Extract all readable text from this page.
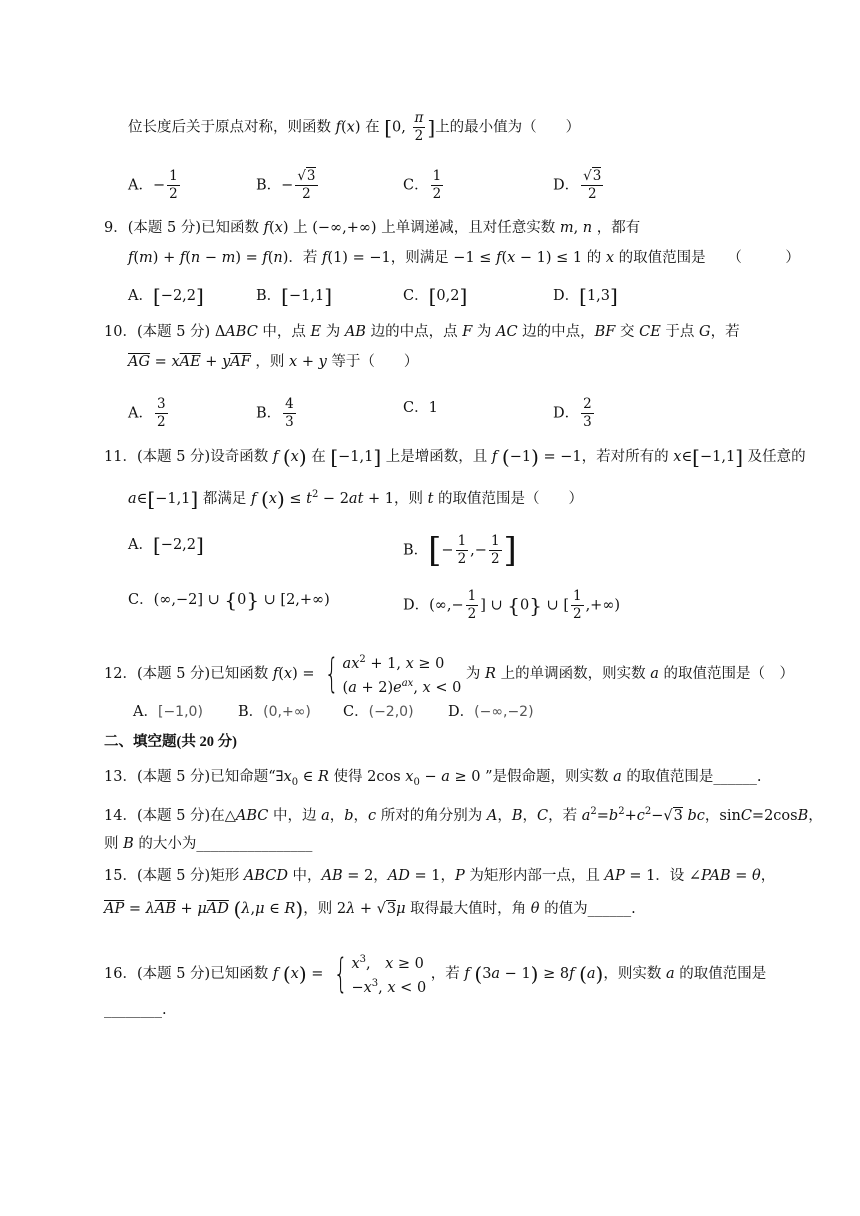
位长度后关于原点对称，则函数 f(x) 在 [0, $\frac{\pi}{2}$ ]上的最小值为（　　）
A．− $\frac{1}{2}$	B．− $\frac{√3}{2}$	C． $\frac{1}{2}$	D． $\frac{√3}{2}$
9．(本题 5 分)已知函数 f(x) 上 (−∞,+∞) 上单调递减，且对任意实数 m, n ，都有
f(m) + f(n − m) = f(n)．若 f(1) = −1，则满足 −1 ≤ f(x − 1) ≤ 1 的 x 的取值范围是　　（　　　）
A．[−2,2]	B．[−1,1]	C．[0,2]	D．[1,3]
10．(本题 5 分) ΔABC 中，点 E 为 AB 边的中点，点 F 为 AC 边的中点，BF 交 CE 于点 G，若
$\overline{AG} = x\overline{AE} + y\overline{AF}$ ，则 x + y 等于（　　）
A． $\frac{3}{2}$	B． $\frac{4}{3}$	C．1	D． $\frac{2}{3}$
11．(本题 5 分)设奇函数 f (x) 在 [−1,1] 上是增函数，且 f (−1) = −1，若对所有的 x∈[−1,1] 及任意的
a∈[−1,1] 都满足 f $(x) \le t^2 - 2at + 1$，则 t 的取值范围是（　　）
A．[−2,2]	B．[− $\frac{1}{2}$ ,− $\frac{1}{2}$ ]
C．(∞,−2] ∪ {0} ∪ [2,+∞)	D．(∞,− $\frac{1}{2}$ ] ∪ {0} ∪ [ $\frac{1}{2}$ ,+∞)
12．(本题 5 分)已知函数 f(x) = { $ax^2 + 1$, x ≥ 0
$(a + 2)e^{ax}$, x < 0
为 R 上的单调函数，则实数 a 的取值范围是（　）
A．[−1,0) B．(0,+∞) C．(−2,0) D．(−∞,−2)
二、填空题(共 20 分)
13．(本题 5 分)已知命题“$\exists x_0$ ∈ R 使得 2cos $x_0 - a \ge 0$ ”是假命题，则实数 a 的取值范围是______.
14．(本题 5 分)在△ABC 中，边 a，b，c 所对的角分别为 A，B，C，若 $a^2=b^2+c^2-√3$ bc，sinC=2cosB，
则 B 的大小为________________
15．(本题 5 分)矩形 ABCD 中，AB = 2，AD = 1，P 为矩形内部一点，且 AP = 1．设 ∠PAB = θ，
$\overline{AP} = \lambda\overline{AB} + \mu\overline{AD}$ (λ,μ ∈ R)，则 2λ + √3μ 取得最大值时，角 θ 的值为______.
16．(本题 5 分)已知函数 f (x) = { $x^3$,　x ≥ 0
$-x^3$, x < 0
，若 f (3a − 1) ≥ 8f (a)，则实数 a 的取值范围是
________.
